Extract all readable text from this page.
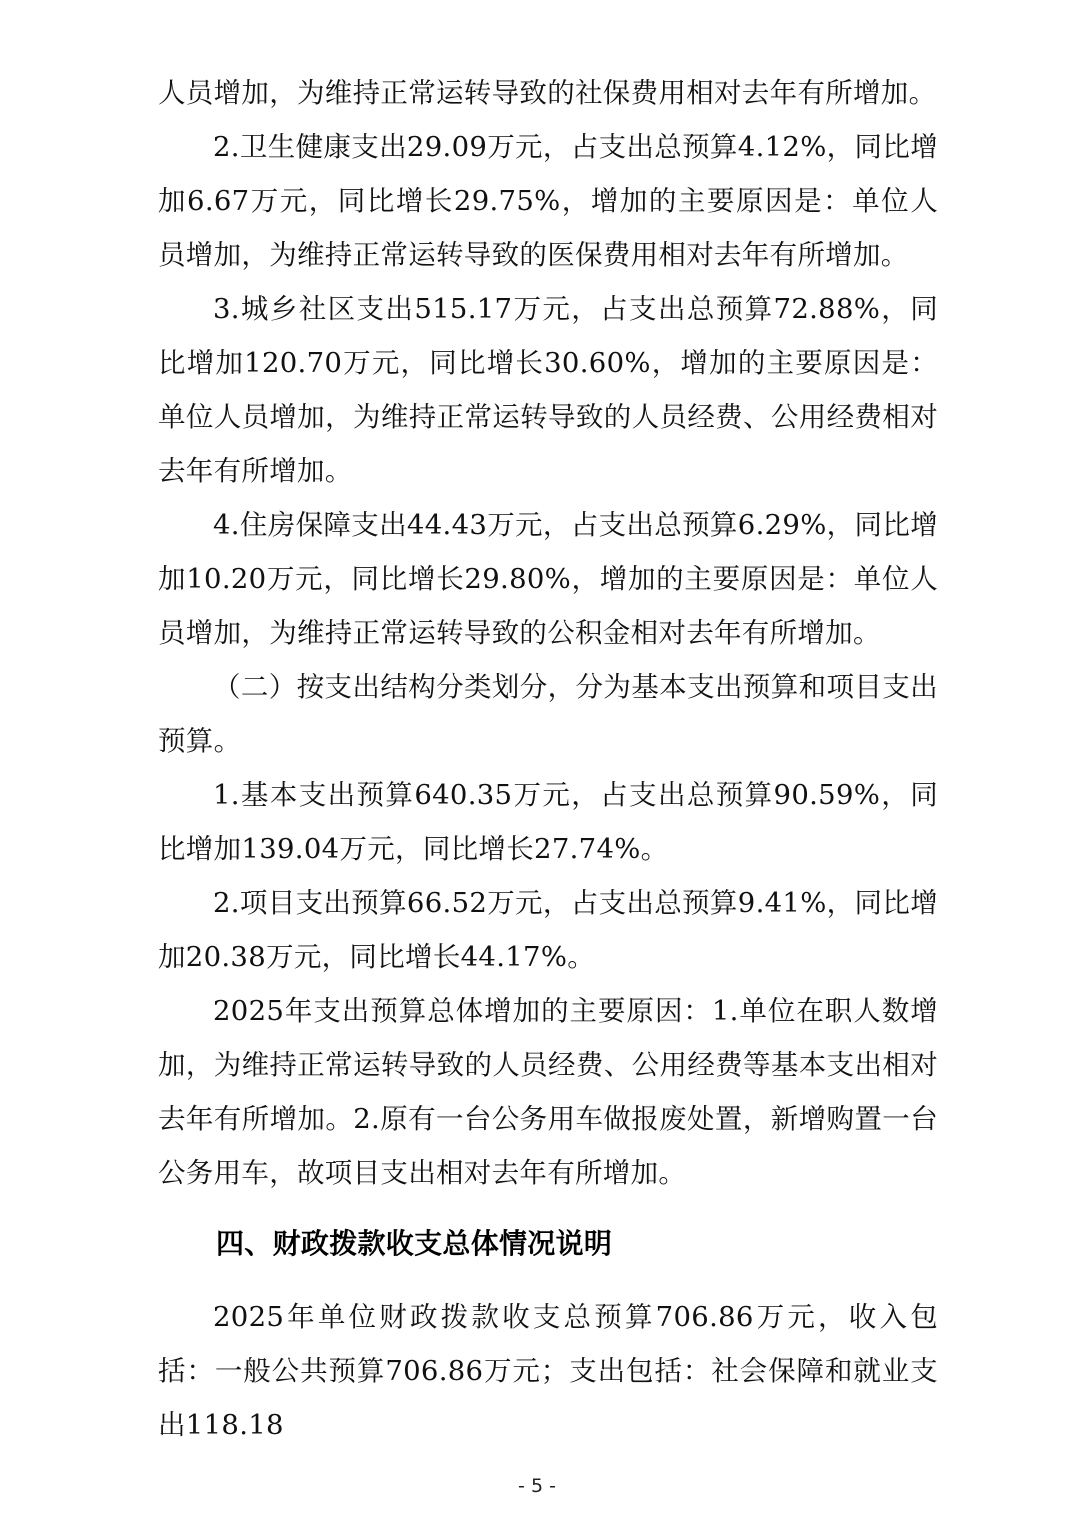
人员增加，为维持正常运转导致的社保费用相对去年有所增加。

2.卫生健康支出29.09万元，占支出总预算4.12%，同比增加6.67万元，同比增长29.75%，增加的主要原因是：单位人员增加，为维持正常运转导致的医保费用相对去年有所增加。

3.城乡社区支出515.17万元，占支出总预算72.88%，同比增加120.70万元，同比增长30.60%，增加的主要原因是：单位人员增加，为维持正常运转导致的人员经费、公用经费相对去年有所增加。

4.住房保障支出44.43万元，占支出总预算6.29%，同比增加10.20万元，同比增长29.80%，增加的主要原因是：单位人员增加，为维持正常运转导致的公积金相对去年有所增加。

（二）按支出结构分类划分，分为基本支出预算和项目支出预算。

1.基本支出预算640.35万元，占支出总预算90.59%，同比增加139.04万元，同比增长27.74%。

2.项目支出预算66.52万元，占支出总预算9.41%，同比增加20.38万元，同比增长44.17%。

2025年支出预算总体增加的主要原因：1.单位在职人数增加，为维持正常运转导致的人员经费、公用经费等基本支出相对去年有所增加。2.原有一台公务用车做报废处置，新增购置一台公务用车，故项目支出相对去年有所增加。

四、财政拨款收支总体情况说明

2025年单位财政拨款收支总预算706.86万元，收入包括：一般公共预算706.86万元；支出包括：社会保障和就业支出118.18

- 5 -
